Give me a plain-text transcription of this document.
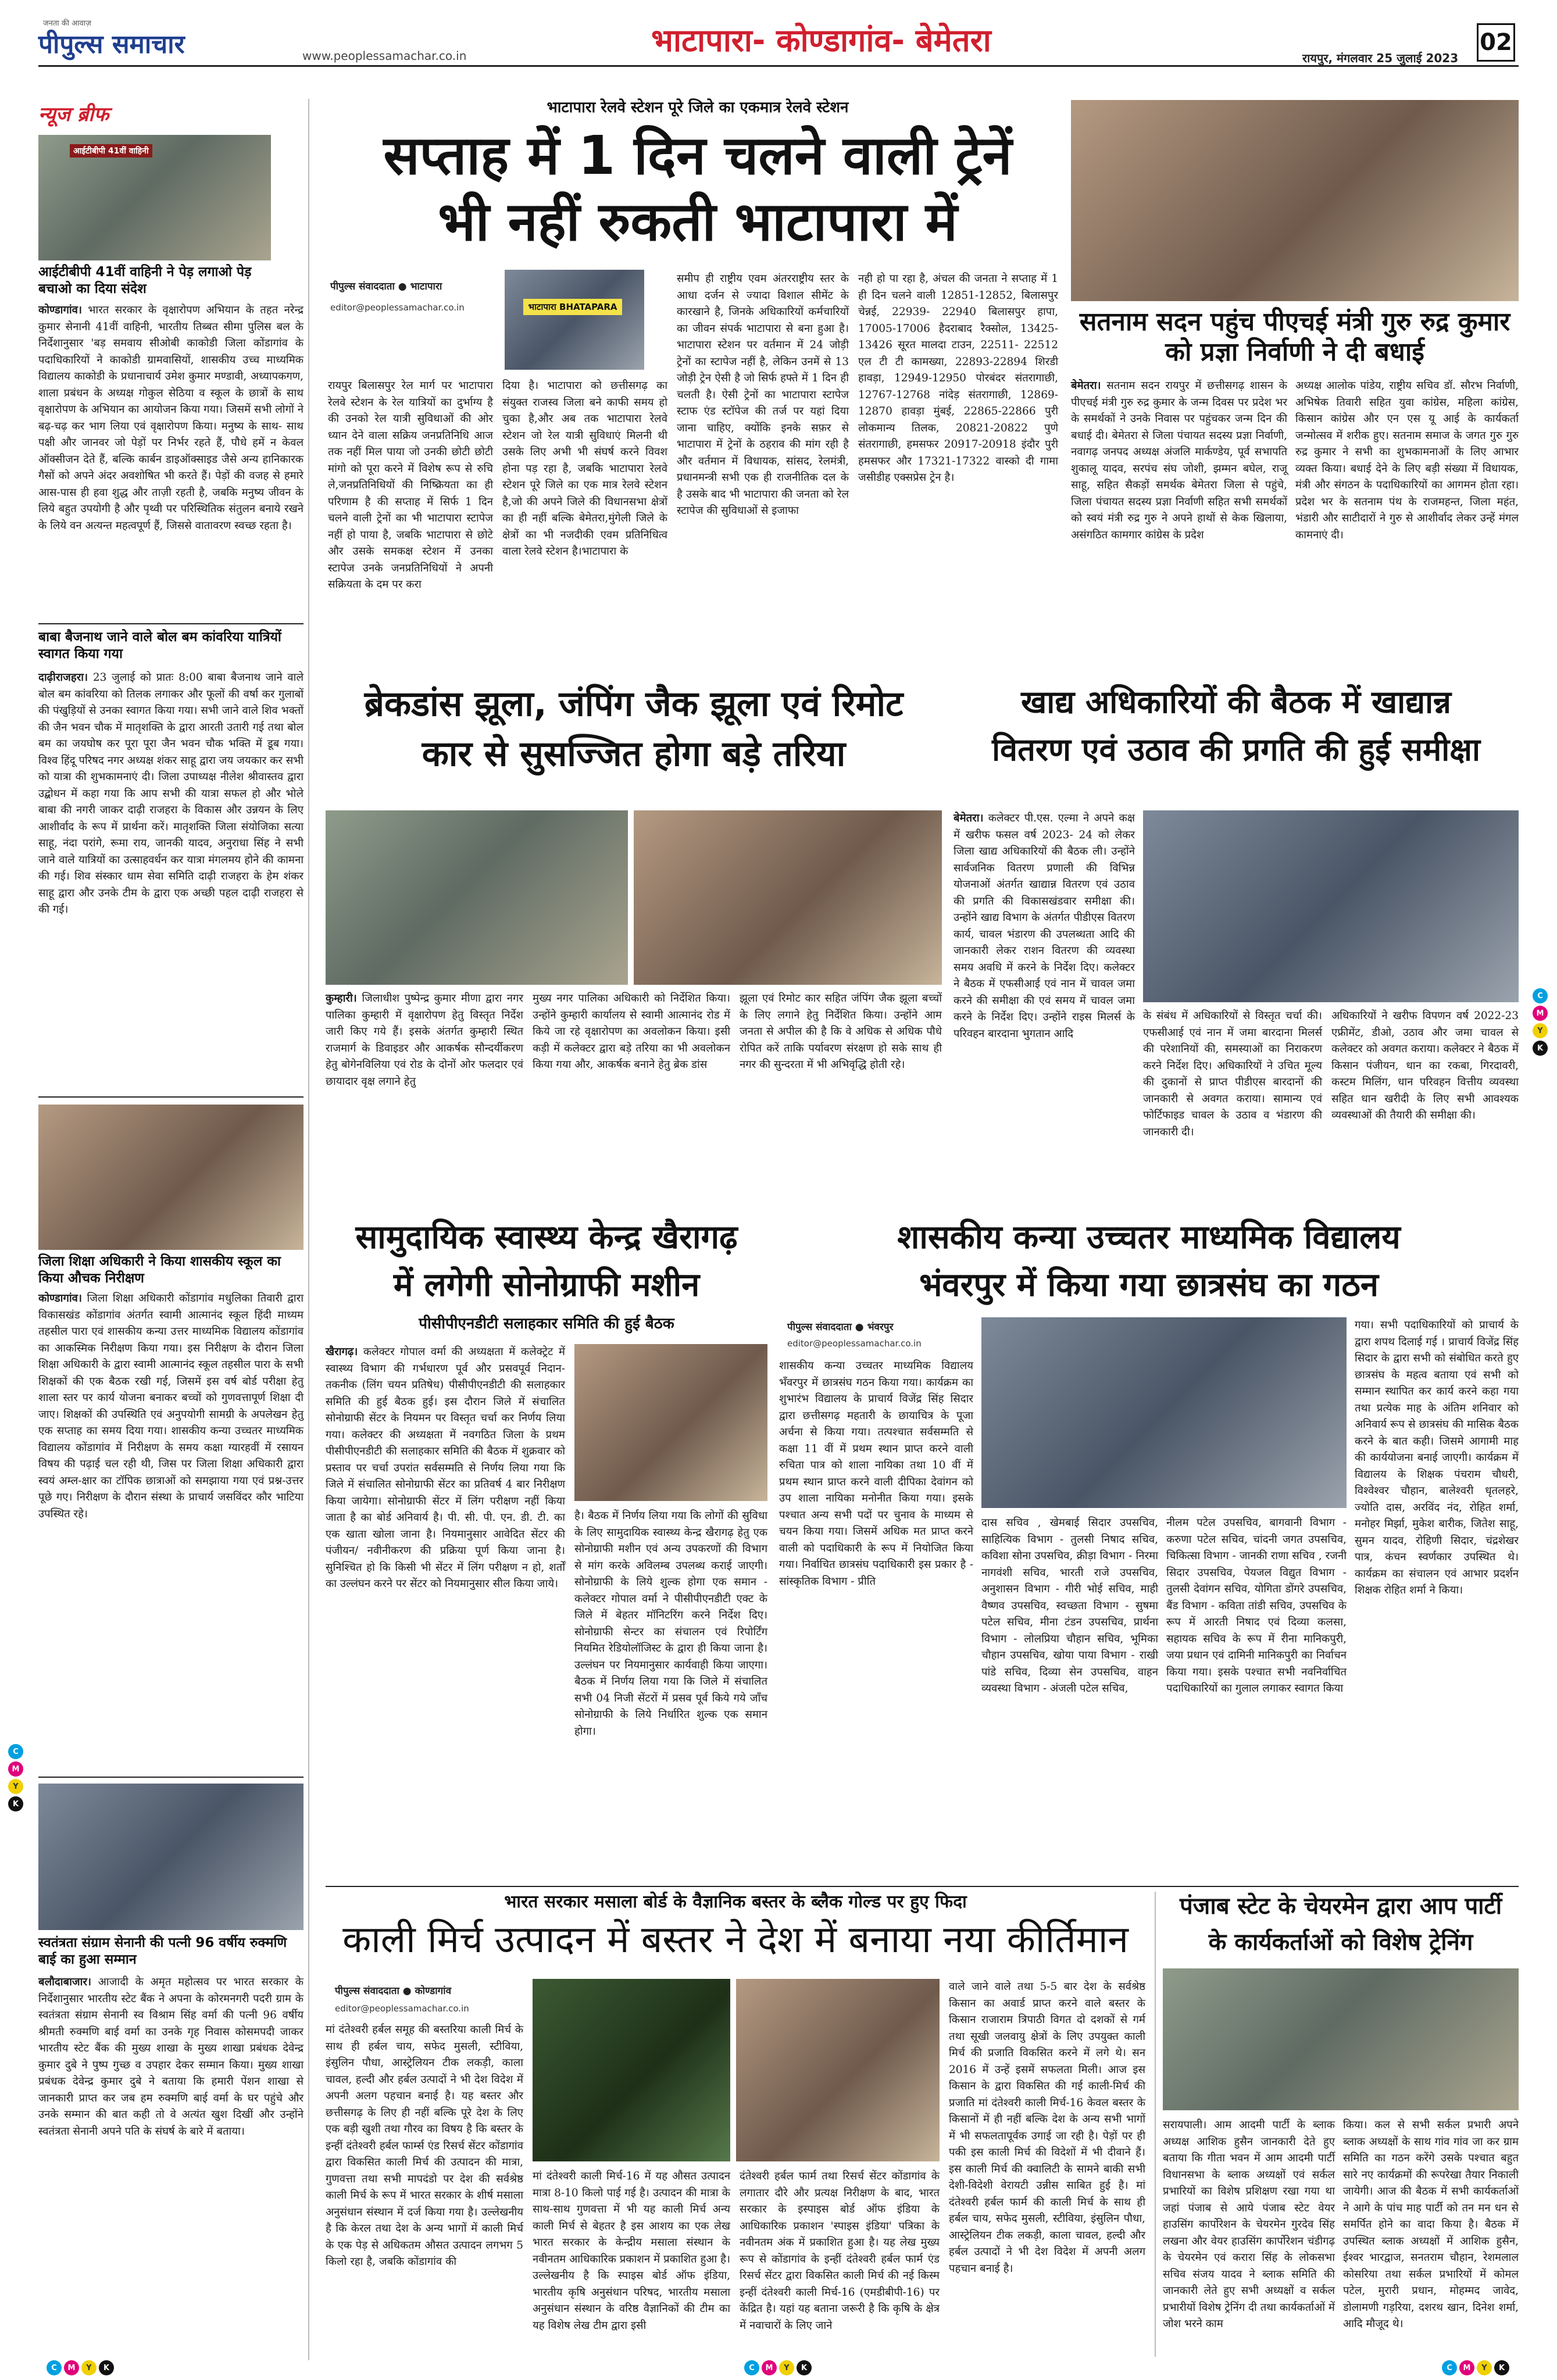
जनता की आवाज़
पीपुल्स समाचार	www.peoplessamachar.co.in	भाटापारा- कोण्डागांव- बेमेतरा	रायपुर, मंगलवार 25 जुलाई 2023
02
न्यूज ब्रीफ
आईटीबीपी 41वीं वाहिनी
आईटीबीपी 41वीं वाहिनी ने पेड़ लगाओ पेड़ बचाओ का दिया संदेश
कोण्डागांव। भारत सरकार के वृक्षारोपण अभियान के तहत नरेन्द्र कुमार सेनानी 41वीं वाहिनी, भारतीय तिब्बत सीमा पुलिस बल के निर्देशानुसार 'बड़ समवाय सीओबी काकोडी जिला कोंडागांव के पदाधिकारियों ने काकोडी ग्रामवासियों, शासकीय उच्च माध्यमिक विद्यालय काकोडी के प्रधानाचार्य उमेश कुमार मण्डावी, अध्यापकगण, शाला प्रबंधन के अध्यक्ष गोकुल सेठिया व स्कूल के छात्रों के साथ वृक्षारोपण के अभियान का आयोजन किया गया। जिसमें सभी लोगों ने बढ़-चढ़ कर भाग लिया एवं वृक्षारोपण किया। मनुष्य के साथ- साथ पक्षी और जानवर जो पेड़ों पर निर्भर रहते हैं, पौधे हमें न केवल ऑक्सीजन देते हैं, बल्कि कार्बन डाइऑक्साइड जैसे अन्य हानिकारक गैसों को अपने अंदर अवशोषित भी करते हैं। पेड़ों की वजह से हमारे आस-पास ही हवा शुद्ध और ताज़ी रहती है, जबकि मनुष्य जीवन के लिये बहुत उपयोगी है और पृथ्वी पर परिस्थितिक संतुलन बनाये रखने के लिये वन अत्यन्त महत्वपूर्ण हैं, जिससे वातावरण स्वच्छ रहता है।
बाबा बैजनाथ जाने वाले बोल बम कांवरिया यात्रियों स्वागत किया गया
दाढ़ीराजहरा। 23 जुलाई को प्रातः 8:00 बाबा बैजनाथ जाने वाले बोल बम कांवरिया को तिलक लगाकर और फूलों की वर्षा कर गुलाबों की पंखुड़ियों से उनका स्वागत किया गया। सभी जाने वाले शिव भक्तों की जैन भवन चौक में मातृशक्ति के द्वारा आरती उतारी गई तथा बोल बम का जयघोष कर पूरा पूरा जैन भवन चौक भक्ति में डूब गया। विश्व हिंदू परिषद नगर अध्यक्ष शंकर साहू द्वारा जय जयकार कर सभी को यात्रा की शुभकामनाएं दी। जिला उपाध्यक्ष नीलेश श्रीवास्तव द्वारा उद्बोधन में कहा गया कि आप सभी की यात्रा सफल हो और भोले बाबा की नगरी जाकर दाढ़ी राजहरा के विकास और उन्नयन के लिए आशीर्वाद के रूप में प्रार्थना करें। मातृशक्ति जिला संयोजिका सत्या साहू, नंदा परांगे, रूमा राय, जानकी यादव, अनुराधा सिंह ने सभी जाने वाले यात्रियों का उत्साहवर्धन कर यात्रा मंगलमय होने की कामना की गई। शिव संस्कार धाम सेवा समिति दाढ़ी राजहरा के हेम शंकर साहू द्वारा और उनके टीम के द्वारा एक अच्छी पहल दाढ़ी राजहरा से की गई।
जिला शिक्षा अधिकारी ने किया शासकीय स्कूल का किया औचक निरीक्षण
कोण्डागांव। जिला शिक्षा अधिकारी कोंडागांव मधुलिका तिवारी द्वारा विकासखंड कोंडागांव अंतर्गत स्वामी आत्मानंद स्कूल हिंदी माध्यम तहसील पारा एवं शासकीय कन्या उत्तर माध्यमिक विद्यालय कोंडागांव का आकस्मिक निरीक्षण किया गया। इस निरीक्षण के दौरान जिला शिक्षा अधिकारी के द्वारा स्वामी आत्मानंद स्कूल तहसील पारा के सभी शिक्षकों की एक बैठक रखी गई, जिसमें इस वर्ष बोर्ड परीक्षा हेतु शाला स्तर पर कार्य योजना बनाकर बच्चों को गुणवत्तापूर्ण शिक्षा दी जाए। शिक्षकों की उपस्थिति एवं अनुपयोगी सामग्री के अपलेखन हेतु एक सप्ताह का समय दिया गया। शासकीय कन्या उच्चतर माध्यमिक विद्यालय कोंडागांव में निरीक्षण के समय कक्षा ग्यारहवीं में रसायन विषय की पढ़ाई चल रही थी, जिस पर जिला शिक्षा अधिकारी द्वारा स्वयं अम्ल-क्षार का टॉपिक छात्राओं को समझाया गया एवं प्रश्न-उत्तर पूछे गए। निरीक्षण के दौरान संस्था के प्राचार्य जसविंदर कौर भाटिया उपस्थित रहे।
स्वतंत्रता संग्राम सेनानी की पत्नी 96 वर्षीय रुक्मणि बाई का हुआ सम्मान
बलौदाबाजार। आजादी के अमृत महोत्सव पर भारत सरकार के निर्देशानुसार भारतीय स्टेट बैंक ने अपना के कोरमनगरी पदरी ग्राम के स्वतंत्रता संग्राम सेनानी स्व विश्राम सिंह वर्मा की पत्नी 96 वर्षीय श्रीमती रुक्मणि बाई वर्मा का उनके गृह निवास कोसमपदी जाकर भारतीय स्टेट बैंक की मुख्य शाखा के मुख्य शाखा प्रबंधक देवेन्द्र कुमार दुबे ने पुष्प गुच्छ व उपहार देकर सम्मान किया। मुख्य शाखा प्रबंधक देवेन्द्र कुमार दुबे ने बताया कि हमारी पेंशन शाखा से जानकारी प्राप्त कर जब हम रुक्मणि बाई वर्मा के घर पहुंचे और उनके सम्मान की बात कही तो वे अत्यंत खुश दिखीं और उन्होंने स्वतंत्रता सेनानी अपने पति के संघर्ष के बारे में बताया।
भाटापारा रेलवे स्टेशन पूरे जिले का एकमात्र रेलवे स्टेशन
सप्ताह में 1 दिन चलने वाली ट्रेनें
भी नहीं रुकती भाटापारा में
पीपुल्स संवाददाता ● भाटापारा
editor@peoplessamachar.co.in	भाटापारा BHATAPARA
रायपुर बिलासपुर रेल मार्ग पर भाटापारा रेलवे स्टेशन के रेल यात्रियों का दुर्भाग्य है की उनको रेल यात्री सुविधाओं की ओर ध्यान देने वाला सक्रिय जनप्रतिनिधि आज तक नहीं मिल पाया जो उनकी छोटी छोटी मांगो को पूरा करने में विशेष रूप से रुचि ले,जनप्रतिनिधियों की निष्क्रियता का ही परिणाम है की सप्ताह में सिर्फ 1 दिन चलने वाली ट्रेनों का भी भाटापारा स्टापेज नहीं हो पाया है, जबकि भाटापारा से छोटे और उसके समकक्ष स्टेशन में उनका स्टापेज उनके जनप्रतिनिधियों ने अपनी सक्रियता के दम पर करा
दिया है। भाटापारा को छत्तीसगढ़ का संयुक्त राजस्व जिला बने काफी समय हो चुका है,और अब तक भाटापारा रेलवे स्टेशन जो रेल यात्री सुविधाएं मिलनी थी उसके लिए अभी भी संघर्ष करने विवश होना पड़ रहा है, जबकि भाटापारा रेलवे स्टेशन पूरे जिले का एक मात्र रेलवे स्टेशन है,जो की अपने जिले की विधानसभा क्षेत्रों का ही नहीं बल्कि बेमेतरा,मुंगेली जिले के क्षेत्रों का भी नजदीकी एवम प्रतिनिधित्व वाला रेलवे स्टेशन है।भाटापारा के
समीप ही राष्ट्रीय एवम अंतरराष्ट्रीय स्तर के आधा दर्जन से ज्यादा विशाल सीमेंट के कारखाने है, जिनके अधिकारियों कर्मचारियों का जीवन संपर्क भाटापारा से बना हुआ है। भाटापारा स्टेशन पर वर्तमान में 24 जोड़ी ट्रेनों का स्टापेज नहीं है, लेकिन उनमें से 13 जोड़ी ट्रेन ऐसी है जो सिर्फ हफ्ते में 1 दिन ही चलती है। ऐसी ट्रेनों का भाटापारा स्टापेज स्टाफ एंड स्टॉपेज की तर्ज पर यहां दिया जाना चाहिए, क्योंकि इनके सफ़र से भाटापारा में ट्रेनों के ठहराव की मांग रही है और वर्तमान में विधायक, सांसद, रेलमंत्री, प्रधानमन्त्री सभी एक ही राजनीतिक दल के है उसके बाद भी भाटापारा की जनता को रेल स्टापेज की सुविधाओं से इजाफा
नही हो पा रहा है, अंचल की जनता ने सप्ताह में 1 ही दिन चलने वाली 12851-12852, बिलासपुर चेन्नई, 22939- 22940 बिलासपुर हापा, 17005-17006 हैदराबाद रैक्सोल, 13425- 13426 सूरत मालदा टाउन, 22511- 22512 एल टी टी कामख्या, 22893-22894 शिरडी हावड़ा, 12949-12950 पोरबंदर संतरागाछी, 12767-12768 नांदेड़ संतरागाछी, 12869-12870 हावड़ा मुंबई, 22865-22866 पुरी लोकमान्य तिलक, 20821-20822 पुणे संतरागाछी, हमसफर 20917-20918 इंदौर पुरी हमसफर और 17321-17322 वास्को दी गामा जसीडीह एक्सप्रेस ट्रेन है।
सतनाम सदन पहुंच पीएचई मंत्री गुरु रुद्र कुमार को प्रज्ञा निर्वाणी ने दी बधाई
बेमेतरा। सतनाम सदन रायपुर में छत्तीसगढ़ शासन के पीएचई मंत्री गुरु रुद्र कुमार के जन्म दिवस पर प्रदेश भर के समर्थकों ने उनके निवास पर पहुंचकर जन्म दिन की बधाई दी। बेमेतरा से जिला पंचायत सदस्य प्रज्ञा निर्वाणी, नवागढ़ जनपद अध्यक्ष अंजलि मार्कण्डेय, पूर्व सभापति शुकालू यादव, सरपंच संघ जोशी, झम्मन बघेल, राजू साहू, सहित सैकड़ों समर्थक बेमेतरा जिला से पहुंचे, जिला पंचायत सदस्य प्रज्ञा निर्वाणी सहित सभी समर्थकों को स्वयं मंत्री रुद्र गुरु ने अपने हाथों से केक खिलाया, असंगठित कामगार कांग्रेस के प्रदेश
अध्यक्ष आलोक पांडेय, राष्ट्रीय सचिव डॉ. सौरभ निर्वाणी, अभिषेक तिवारी सहित युवा कांग्रेस, महिला कांग्रेस, किसान कांग्रेस और एन एस यू आई के कार्यकर्ता जन्मोत्सव में शरीक हुए। सतनाम समाज के जगत गुरु गुरु रुद्र कुमार ने सभी का शुभकामनाओं के लिए आभार व्यक्त किया। बधाई देने के लिए बड़ी संख्या में विधायक, मंत्री और संगठन के पदाधिकारियों का आगमन होता रहा। प्रदेश भर के सतनाम पंथ के राजमहन्त, जिला महंत, भंडारी और साटीदारों ने गुरु से आशीर्वाद लेकर उन्हें मंगल कामनाएं दी।
ब्रेकडांस झूला, जंपिंग जैक झूला एवं रिमोट
कार से सुसज्जित होगा बड़े तरिया
कुम्हारी। जिलाधीश पुष्पेन्द्र कुमार मीणा द्वारा नगर पालिका कुम्हारी में वृक्षारोपण हेतु विस्तृत निर्देश जारी किए गये हैं। इसके अंतर्गत कुम्हारी स्थित राजमार्ग के डिवाइडर और आकर्षक सौन्दर्यीकरण हेतु बोगेनविलिया एवं रोड के दोनों ओर फलदार एवं छायादार वृक्ष लगाने हेतु
मुख्य नगर पालिका अधिकारी को निर्देशित किया। उन्होंने कुम्हारी कार्यालय से स्वामी आत्मानंद रोड में किये जा रहे वृक्षारोपण का अवलोकन किया। इसी कड़ी में कलेक्टर द्वारा बड़े तरिया का भी अवलोकन किया गया और, आकर्षक बनाने हेतु ब्रेक डांस
झूला एवं रिमोट कार सहित जंपिंग जैक झूला बच्चों के लिए लगाने हेतु निर्देशित किया। उन्होंने आम जनता से अपील की है कि वे अधिक से अधिक पौधे रोपित करें ताकि पर्यावरण संरक्षण हो सके साथ ही नगर की सुन्दरता में भी अभिवृद्धि होती रहे।
खाद्य अधिकारियों की बैठक में खाद्यान्न
वितरण एवं उठाव की प्रगति की हुई समीक्षा
बेमेतरा। कलेक्टर पी.एस. एल्मा ने अपने कक्ष में खरीफ फसल वर्ष 2023- 24 को लेकर जिला खाद्य अधिकारियों की बैठक ली। उन्होंने सार्वजनिक वितरण प्रणाली की विभिन्न योजनाओं अंतर्गत खाद्यान्न वितरण एवं उठाव की प्रगति की विकासखंडवार समीक्षा की। उन्होंने खाद्य विभाग के अंतर्गत पीडीएस वितरण कार्य, चावल भंडारण की उपलब्धता आदि की जानकारी लेकर राशन वितरण की व्यवस्था समय अवधि में करने के निर्देश दिए। कलेक्टर ने बैठक में एफसीआई एवं नान में चावल जमा करने की समीक्षा की एवं समय में चावल जमा करने के निर्देश दिए। उन्होंने राइस मिलर्स के परिवहन बारदाना भुगतान आदि
के संबंध में अधिकारियों से विस्तृत चर्चा की। एफसीआई एवं नान में जमा बारदाना मिलर्स की परेशानियों की, समस्याओं का निराकरण करने निर्देश दिए। अधिकारियों ने उचित मूल्य की दुकानों से प्राप्त पीडीएस बारदानों की जानकारी से अवगत कराया। सामान्य एवं फोर्टिफाइड चावल के उठाव व भंडारण की जानकारी दी।
अधिकारियों ने खरीफ विपणन वर्ष 2022-23 एफ्रीमेंट, डीओ, उठाव और जमा चावल से कलेक्टर को अवगत कराया। कलेक्टर ने बैठक में किसान पंजीयन, धान का रकबा, गिरदावरी, कस्टम मिलिंग, धान परिवहन वित्तीय व्यवस्था सहित धान खरीदी के लिए सभी आवश्यक व्यवस्थाओं की तैयारी की समीक्षा की।
सामुदायिक स्वास्थ्य केन्द्र खैरागढ़
में लगेगी सोनोग्राफी मशीन
पीसीपीएनडीटी सलाहकार समिति की हुई बैठक
खैरागढ़। कलेक्टर गोपाल वर्मा की अध्यक्षता में कलेक्ट्रेट में स्वास्थ्य विभाग की गर्भधारण पूर्व और प्रसवपूर्व निदान-तकनीक (लिंग चयन प्रतिषेध) पीसीपीएनडीटी की सलाहकार समिति की हुई बैठक हुई। इस दौरान जिले में संचालित सोनोग्राफी सेंटर के नियमन पर विस्तृत चर्चा कर निर्णय लिया गया। कलेक्टर की अध्यक्षता में नवगठित जिला के प्रथम पीसीपीएनडीटी की सलाहकार समिति की बैठक में शुक्रवार को प्रस्ताव पर चर्चा उपरांत सर्वसम्मति से निर्णय लिया गया कि जिले में संचालित सोनोग्राफी सेंटर का प्रतिवर्ष 4 बार निरीक्षण किया जायेगा। सोनोग्राफी सेंटर में लिंग परीक्षण नहीं किया जाता है का बोर्ड अनिवार्य है। पी. सी. पी. एन. डी. टी. का एक खाता खोला जाना है। नियमानुसार आवेदित सेंटर की पंजीयन/ नवीनीकरण की प्रक्रिया पूर्ण किया जाना है। सुनिश्चित हो कि किसी भी सेंटर में लिंग परीक्षण न हो, शर्तों का उल्लंघन करने पर सेंटर को नियमानुसार सील किया जाये।
है। बैठक में निर्णय लिया गया कि लोगों की सुविधा के लिए सामुदायिक स्वास्थ्य केन्द्र खैरागढ़ हेतु एक सोनोग्राफी मशीन एवं अन्य उपकरणों की विभाग से मांग करके अविलम्ब उपलब्ध कराई जाएगी। सोनोग्राफी के लिये शुल्क होगा एक समान - कलेक्टर गोपाल वर्मा ने पीसीपीएनडीटी एक्ट के जिले में बेहतर मॉनिटरिंग करने निर्देश दिए। सोनोग्राफी सेन्टर का संचालन एवं रिपोर्टिंग नियमित रेडियोलॉजिस्ट के द्वारा ही किया जाना है। उल्लंघन पर नियमानुसार कार्यवाही किया जाएगा। बैठक में निर्णय लिया गया कि जिले में संचालित सभी 04 निजी सेंटरों में प्रसव पूर्व किये गये जाँच सोनोग्राफी के लिये निर्धारित शुल्क एक समान होगा।
शासकीय कन्या उच्चतर माध्यमिक विद्यालय
भंवरपुर में किया गया छात्रसंघ का गठन
पीपुल्स संवाददाता ● भंवरपुर
editor@peoplessamachar.co.in
शासकीय कन्या उच्चतर माध्यमिक विद्यालय भँवरपुर में छात्रसंघ गठन किया गया। कार्यक्रम का शुभारंभ विद्यालय के प्राचार्य विजेंद्र सिंह सिदार द्वारा छत्तीसगढ़ महतारी के छायाचित्र के पूजा अर्चना से किया गया। तत्पश्चात सर्वसम्मति से कक्षा 11 वीं में प्रथम स्थान प्राप्त करने वाली रुचिता पात्र को शाला नायिका तथा 10 वीं में प्रथम स्थान प्राप्त करने वाली दीपिका देवांगन को उप शाला नायिका मनोनीत किया गया। इसके पश्चात अन्य सभी पदों पर चुनाव के माध्यम से चयन किया गया। जिसमें अधिक मत प्राप्त करने वाली को पदाधिकारी के रूप में नियोजित किया गया। निर्वाचित छात्रसंघ पदाधिकारी इस प्रकार है - सांस्कृतिक विभाग - प्रीति
दास सचिव , खेमबाई सिदार उपसचिव, साहित्यिक विभाग - तुलसी निषाद सचिव, कविशा सोना उपसचिव, क्रीड़ा विभाग - निरमा नागवंशी सचिव, भारती राजे उपसचिव, अनुशासन विभाग - गीरी भोई सचिव, माही वैष्णव उपसचिव, स्वच्छता विभाग - सुषमा पटेल सचिव, मीना टंडन उपसचिव, प्रार्थना विभाग - लोलप्रिया चौहान सचिव, भूमिका चौहान उपसचिव, खोया पाया विभाग - राखी पांडे सचिव, दिव्या सेन उपसचिव, वाहन व्यवस्था विभाग - अंजली पटेल सचिव,
नीलम पटेल उपसचिव, बागवानी विभाग - करुणा पटेल सचिव, चांदनी जगत उपसचिव, चिकित्सा विभाग - जानकी राणा सचिव , रजनी सिदार उपसचिव, पेयजल विद्युत विभाग - तुलसी देवांगन सचिव, योगिता डोंगरे उपसचिव, बैंड विभाग - कविता तांडी सचिव, उपसचिव के रूप में आरती निषाद एवं दिव्या कलसा, सहायक सचिव के रूप में रीना मानिकपुरी, जया प्रधान एवं दामिनी मानिकपुरी का निर्वाचन किया गया। इसके पश्चात सभी नवनिर्वाचित पदाधिकारियों का गुलाल लगाकर स्वागत किया
गया। सभी पदाधिकारियों को प्राचार्य के द्वारा शपथ दिलाई गई । प्राचार्य विजेंद्र सिंह सिदार के द्वारा सभी को संबोधित करते हुए छात्रसंघ के महत्व बताया एवं सभी को सम्मान स्थापित कर कार्य करने कहा गया तथा प्रत्येक माह के अंतिम शनिवार को अनिवार्य रूप से छात्रसंघ की मासिक बैठक करने के बात कही। जिसमे आगामी माह की कार्ययोजना बनाई जाएगी। कार्यक्रम में विद्यालय के शिक्षक पंचराम चौधरी, विश्वेश्वर चौहान, बालेश्वरी धृतलहरे, ज्योति दास, अरविंद नंद, रोहित शर्मा, मनोहर मिर्झा, मुकेश बारीक, जितेश साहू, सुमन यादव, रोहिणी सिदार, चंद्रशेखर पात्र, कंचन स्वर्णकार उपस्थित थे। कार्यक्रम का संचालन एवं आभार प्रदर्शन शिक्षक रोहित शर्मा ने किया।
भारत सरकार मसाला बोर्ड के वैज्ञानिक बस्तर के ब्लैक गोल्ड पर हुए फिदा
काली मिर्च उत्पादन में बस्तर ने देश में बनाया नया कीर्तिमान
पीपुल्स संवाददाता ● कोण्डागांव
editor@peoplessamachar.co.in
मां दंतेश्वरी हर्बल समूह की बस्तरिया काली मिर्च के साथ ही हर्बल चाय, सफेद मुसली, स्टीविया, इंसुलिन पौधा, आस्ट्रेलियन टीक लकड़ी, काला चावल, हल्दी और हर्बल उत्पादों ने भी देश विदेश में अपनी अलग पहचान बनाई है। यह बस्तर और छत्तीसगढ़ के लिए ही नहीं बल्कि पूरे देश के लिए एक बड़ी खुशी तथा गौरव का विषय है कि बस्तर के इन्हीं दंतेश्वरी हर्बल फार्म्स एंड रिसर्च सेंटर कोंडागांव द्वारा विकसित काली मिर्च की उत्पादन की मात्रा, गुणवत्ता तथा सभी मापदंडो पर देश की सर्वश्रेष्ठ काली मिर्च के रूप में भारत सरकार के शीर्ष मसाला अनुसंधान संस्थान में दर्ज किया गया है। उल्लेखनीय है कि केरल तथा देश के अन्य भागों में काली मिर्च के एक पेड़ से अधिकतम औसत उत्पादन लगभग 5 किलो रहा है, जबकि कोंडागांव की
मां दंतेश्वरी काली मिर्च-16 में यह औसत उत्पादन मात्रा 8-10 किलो पाई गई है। उत्पादन की मात्रा के साथ-साथ गुणवत्ता में भी यह काली मिर्च अन्य काली मिर्च से बेहतर है इस आशय का एक लेख भारत सरकार के केन्द्रीय मसाला संस्थान के नवीनतम आधिकारिक प्रकाशन में प्रकाशित हुआ है। उल्लेखनीय है कि स्पाइस बोर्ड ऑफ इंडिया, भारतीय कृषि अनुसंधान परिषद, भारतीय मसाला अनुसंधान संस्थान के वरिष्ठ वैज्ञानिकों की टीम का यह विशेष लेख टीम द्वारा इसी
दंतेश्वरी हर्बल फार्म तथा रिसर्च सेंटर कोंडागांव के लगातार दौरे और प्रत्यक्ष निरीक्षण के बाद, भारत सरकार के इस्पाइस बोर्ड ऑफ इंडिया के आधिकारिक प्रकाशन 'स्पाइस इंडिया' पत्रिका के नवीनतम अंक में प्रकाशित हुआ है। यह लेख मुख्य रूप से कोंडागांव के इन्हीं दंतेश्वरी हर्बल फार्म एंड रिसर्च सेंटर द्वारा विकसित काली मिर्च की नई किस्म इन्हीं दंतेश्वरी काली मिर्च-16 (एमडीबीपी-16) पर केंद्रित है। यहां यह बताना जरूरी है कि कृषि के क्षेत्र में नवाचारों के लिए जाने
वाले जाने वाले तथा 5-5 बार देश के सर्वश्रेष्ठ किसान का अवार्ड प्राप्त करने वाले बस्तर के किसान राजाराम त्रिपाठी विगत दो दशकों से गर्म तथा सूखी जलवायु क्षेत्रों के लिए उपयुक्त काली मिर्च की प्रजाति विकसित करने में लगे थे। सन 2016 में उन्हें इसमें सफलता मिली। आज इस किसान के द्वारा विकसित की गई काली-मिर्च की प्रजाति मां दंतेश्वरी काली मिर्च-16 केवल बस्तर के किसानों में ही नहीं बल्कि देश के अन्य सभी भागों में भी सफलतापूर्वक उगाई जा रही है। पेड़ों पर ही पकी इस काली मिर्च की विदेशों में भी दीवाने हैं। इस काली मिर्च की क्वालिटी के सामने बाकी सभी देशी-विदेशी वेरायटी उन्नीस साबित हुई है। मां दंतेश्वरी हर्बल फार्म की काली मिर्च के साथ ही हर्बल चाय, सफेद मुसली, स्टीविया, इंसुलिन पौधा, आस्ट्रेलियन टीक लकड़ी, काला चावल, हल्दी और हर्बल उत्पादों ने भी देश विदेश में अपनी अलग पहचान बनाई है।
पंजाब स्टेट के चेयरमेन द्वारा आप पार्टी
के कार्यकर्ताओं को विशेष ट्रेनिंग
सरायपाली। आम आदमी पार्टी के ब्लाक अध्यक्ष आशिक हुसैन जानकारी देते हुए बताया कि गीता भवन में आम आदमी पार्टी विधानसभा के ब्लाक अध्यक्षों एवं सर्कल प्रभारियों का विशेष प्रशिक्षण रखा गया था जहां पंजाब से आये पंजाब स्टेट वेयर हाउसिंग कार्पोरेशन के चेयरमेन गुरदेव सिंह लखना और वेयर हाउसिंग कार्पोरेशन चंडीगढ़ के चेयरमेन एवं करारा सिंह के लोकसभा सचिव संजय यादव ने ब्लाक समिति की जानकारी लेते हुए सभी अध्यक्षों व सर्कल प्रभारीयों विशेष ट्रेनिंग दी तथा कार्यकर्ताओं में जोश भरने काम
किया। कल से सभी सर्कल प्रभारी अपने ब्लाक अध्यक्षों के साथ गांव गांव जा कर ग्राम समिति का गठन करेंगे उसके पश्चात बहुत सारे नए कार्यक्रमों की रूपरेखा तैयार निकाली जायेगी। आज की बैठक में सभी कार्यकर्ताओं ने आगे के पांच माह पार्टी को तन मन धन से समर्पित होने का वादा किया है। बैठक में उपस्थित ब्लाक अध्यक्षों में आशिक हुसैन, ईश्वर भारद्वाज, सनतराम चौहान, रेशमलाल कोसरिया तथा सर्कल प्रभारियों में कोमल पटेल, मुरारी प्रधान, मोहम्मद जावेद, डोलामणी गड़रिया, दशरथ खान, दिनेश शर्मा, आदि मौजूद थे।
C
M
Y
K
C
M
Y
K
C	M	Y	K	C	M	Y	K	C	M	Y	K
